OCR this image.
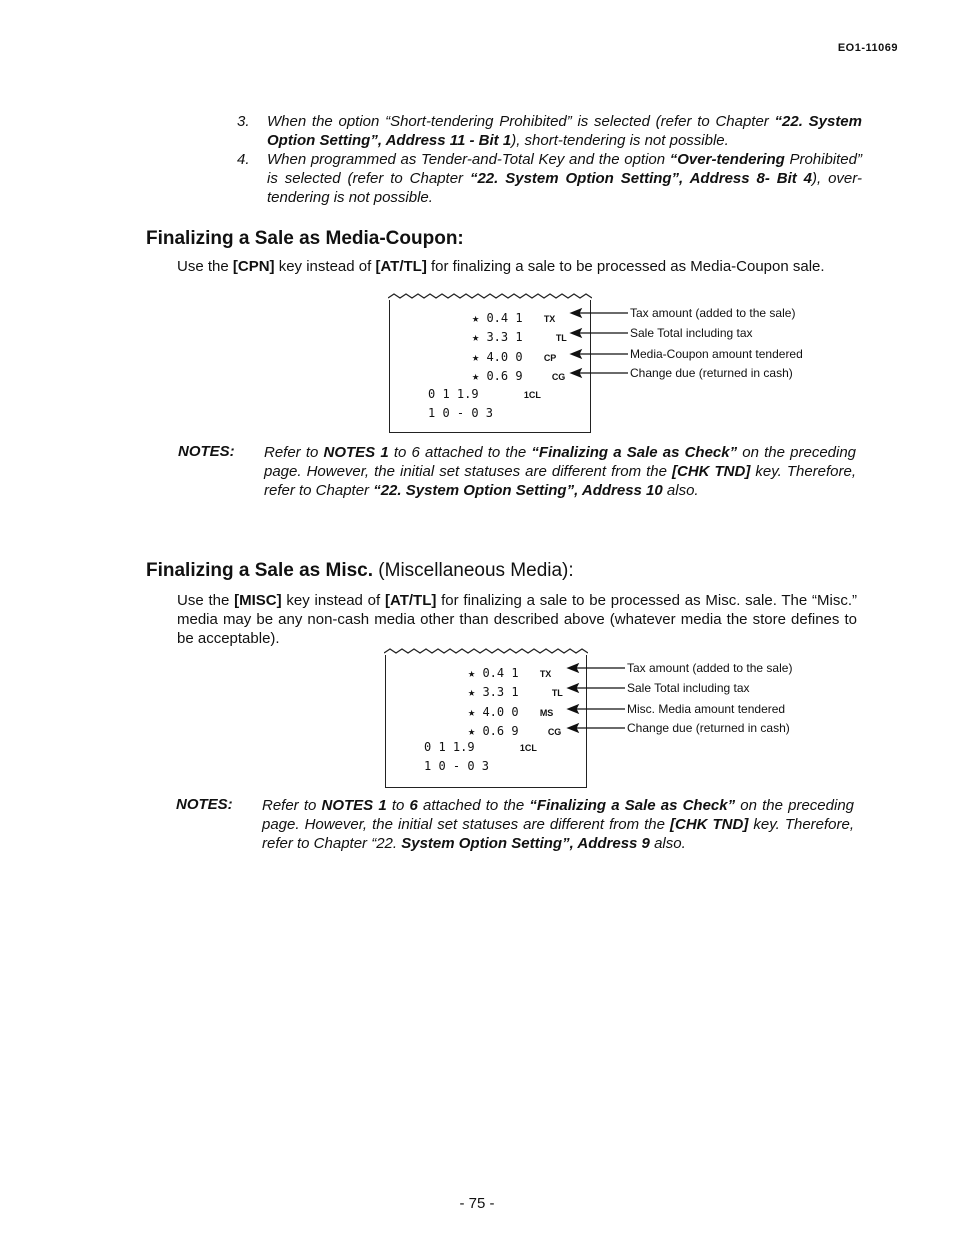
EO1-11069
3. When the option “Short-tendering Prohibited” is selected (refer to Chapter “22. System Option Setting”, Address 11 - Bit 1), short-tendering is not possible.
4. When programmed as Tender-and-Total Key and the option “Over-tendering Prohibited” is selected (refer to Chapter “22. System Option Setting”, Address 8- Bit 4), over-tendering is not possible.
Finalizing a Sale as Media-Coupon:
Use the [CPN] key instead of [AT/TL] for finalizing a sale to be processed as Media-Coupon sale.
★ 0.4 1 TX
★ 3.3 1	TL
★ 4.0 0 CP
★ 0.6 9	CG
0 1 1.9	1CL
1 0 - 0 3
Tax amount (added to the sale)
Sale Total including tax
Media-Coupon amount tendered
Change due (returned in cash)
NOTES: Refer to NOTES 1 to 6 attached to the “Finalizing a Sale as Check” on the preceding page. However, the initial set statuses are different from the [CHK TND] key. Therefore, refer to Chapter “22. System Option Setting”, Address 10 also.
Finalizing a Sale as Misc. (Miscellaneous Media):
Use the [MISC] key instead of [AT/TL] for finalizing a sale to be processed as Misc. sale. The “Misc.” media may be any non-cash media other than described above (whatever media the store defines to be acceptable).
★ 0.4 1 TX
★ 3.3 1	TL
★ 4.0 0 MS
★ 0.6 9	CG
0 1 1.9	1CL
1 0 - 0 3
Tax amount (added to the sale)
Sale Total including tax
Misc. Media amount tendered
Change due (returned in cash)
NOTES: Refer to NOTES 1 to 6 attached to the “Finalizing a Sale as Check” on the preceding page. However, the initial set statuses are different from the [CHK TND] key. Therefore, refer to Chapter “22. System Option Setting”, Address 9 also.
- 75 -
